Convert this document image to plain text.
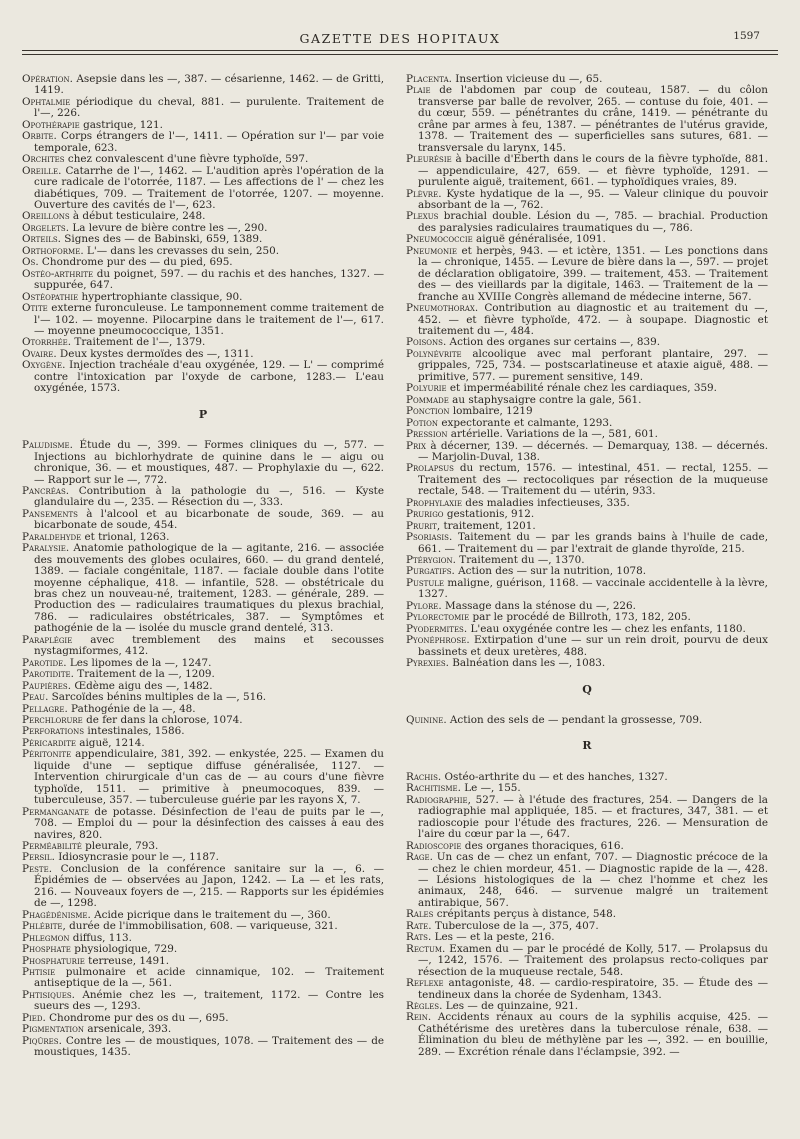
GAZETTE DES HOPITAUX	1597
Opération. Asepsie dans les —, 387. — césarienne, 1462. — de Gritti, 1419.
Ophtalmie périodique du cheval, 881. — purulente. Traitement de l'—, 226.
Opothérapie gastrique, 121.
Orbite. Corps étrangers de l'—, 1411. — Opération sur l'— par voie temporale, 623.
Orchites chez convalescent d'une fièvre typhoïde, 597.
Oreille. Catarrhe de l'—, 1462. — L'audition après l'opération de la cure radicale de l'otorrée, 1187. — Les affections de l' — chez les diabétiques, 709. — Traitement de l'otorrée, 1207. — moyenne. Ouverture des cavités de l'—, 623.
Oreillons à début testiculaire, 248.
Orgelets. La levure de bière contre les —, 290.
Orteils. Signes des — de Babinski, 659, 1389.
Orthoforme. L'— dans les crevasses du sein, 250.
Os. Chondrome pur des — du pied, 695.
Ostéo-arthrite du poignet, 597. — du rachis et des hanches, 1327. — suppurée, 647.
Ostéopathie hypertrophiante classique, 90.
Otite externe furonculeuse. Le tamponnement comme traitement de l'— 102. — moyenne. Pilocarpine dans le traitement de l'—, 617. — moyenne pneumococcique, 1351.
Otorrhée. Traitement de l'—, 1379.
Ovaire. Deux kystes dermoïdes des —, 1311.
Oxygène. Injection trachéale d'eau oxygénée, 129. — L' — comprimé contre l'intoxication par l'oxyde de carbone, 1283.— L'eau oxygénée, 1573.
P
Paludisme. Étude du —, 399. — Formes cliniques du —, 577. — Injections au bichlorhydrate de quinine dans le — aigu ou chronique, 36. — et moustiques, 487. — Prophylaxie du —, 622. — Rapport sur le —, 772.
Pancréas. Contribution à la pathologie du —, 516. — Kyste glandulaire du —, 235. — Résection du —, 333.
Pansements à l'alcool et au bicarbonate de soude, 369. — au bicarbonate de soude, 454.
Paraldehyde et trional, 1263.
Paralysie. Anatomie pathologique de la — agitante, 216. — associée des mouvements des globes oculaires, 660. — du grand dentelé, 1389. — faciale congénitale, 1187. — faciale double dans l'otite moyenne céphalique, 418. — infantile, 528. — obstétricale du bras chez un nouveau-né, traitement, 1283. — générale, 289. — Production des — radiculaires traumatiques du plexus brachial, 786. — radiculaires obstétricales, 387. — Symptômes et pathogénie de la — isolée du muscle grand dentelé, 313.
Paraplégie avec tremblement des mains et secousses nystagmiformes, 412.
Parotide. Les lipomes de la —, 1247.
Parotidite. Traitement de la —, 1209.
Paupières. Œdème aigu des —, 1482.
Peau. Sarcoïdes bénins multiples de la —, 516.
Pellagre. Pathogénie de la —, 48.
Perchlorure de fer dans la chlorose, 1074.
Perforations intestinales, 1586.
Péricardite aiguë, 1214.
Péritonite appendiculaire, 381, 392. — enkystée, 225. — Examen du liquide d'une — septique diffuse généralisée, 1127. — Intervention chirurgicale d'un cas de — au cours d'une fièvre typhoïde, 1511. — primitive à pneumocoques, 839. — tuberculeuse, 357. — tuberculeuse guérie par les rayons X, 7.
Permanganate de potasse. Désinfection de l'eau de puits par le —, 708. — Emploi du — pour la désinfection des caisses à eau des navires, 820.
Perméabilité pleurale, 793.
Persil. Idiosyncrasie pour le —, 1187.
Peste. Conclusion de la conférence sanitaire sur la —, 6. — Épidémies de — observées au Japon, 1242. — La — et les rats, 216. — Nouveaux foyers de —, 215. — Rapports sur les épidémies de —, 1298.
Phagédénisme. Acide picrique dans le traitement du —, 360.
Phlébite, durée de l'immobilisation, 608. — variqueuse, 321.
Phlegmon diffus, 113.
Phosphate physiologique, 729.
Phosphaturie terreuse, 1491.
Phtisie pulmonaire et acide cinnamique, 102. — Traitement antiseptique de la —, 561.
Phtisiques. Anémie chez les —, traitement, 1172. — Contre les sueurs des —, 1293.
Pied. Chondrome pur des os du —, 695.
Pigmentation arsenicale, 393.
Piqûres. Contre les — de moustiques, 1078. — Traitement des — de moustiques, 1435.
Placenta. Insertion vicieuse du —, 65.
Plaie de l'abdomen par coup de couteau, 1587. — du côlon transverse par balle de revolver, 265. — contuse du foie, 401. — du cœur, 559. — pénétrantes du crâne, 1419. — pénétrante du crâne par armes à feu, 1387. — pénétrantes de l'utérus gravide, 1378. — Traitement des — superficielles sans sutures, 681. — transversale du larynx, 145.
Pleurésie à bacille d'Eberth dans le cours de la fièvre typhoïde, 881. — appendiculaire, 427, 659. — et fièvre typhoïde, 1291. — purulente aiguë, traitement, 661. — typhoïdiques vraies, 89.
Plèvre. Kyste hydatique de la —, 95. — Valeur clinique du pouvoir absorbant de la —, 762.
Plexus brachial double. Lésion du —, 785. — brachial. Production des paralysies radiculaires traumatiques du —, 786.
Pneumococcie aiguë généralisée, 1091.
Pneumonie et herpès, 943. — et ictère, 1351. — Les ponctions dans la — chronique, 1455. — Levure de bière dans la —, 597. — projet de déclaration obligatoire, 399. — traitement, 453. — Traitement des — des vieillards par la digitale, 1463. — Traitement de la — franche au XVIIIe Congrès allemand de médecine interne, 567.
Pneumothorax. Contribution au diagnostic et au traitement du —, 452. — et fièvre typhoïde, 472. — à soupape. Diagnostic et traitement du —, 484.
Poisons. Action des organes sur certains —, 839.
Polynévrite alcoolique avec mal perforant plantaire, 297. — grippales, 725, 734. — postscarlatineuse et ataxie aiguë, 488. — primitive, 577. — purement sensitive, 149.
Polyurie et imperméabilité rénale chez les cardiaques, 359.
Pommade au staphysaigre contre la gale, 561.
Ponction lombaire, 1219
Potion expectorante et calmante, 1293.
Pression artérielle. Variations de la —, 581, 601.
Prix à décerner, 139. — décernés. — Demarquay, 138. — décernés. — Marjolin-Duval, 138.
Prolapsus du rectum, 1576. — intestinal, 451. — rectal, 1255. — Traitement des — rectocoliques par résection de la muqueuse rectale, 548. — Traitement du — utérin, 933.
Prophylaxie des maladies infectieuses, 335.
Prurigo gestationis, 912.
Prurit, traitement, 1201.
Psoriasis. Taitement du — par les grands bains à l'huile de cade, 661. — Traitement du — par l'extrait de glande thyroïde, 215.
Ptérygion. Traitement du —, 1370.
Purgatifs. Action des — sur la nutrition, 1078.
Pustule maligne, guérison, 1168. — vaccinale accidentelle à la lèvre, 1327.
Pylore. Massage dans la sténose du —, 226.
Pylorectomie par le procédé de Billroth, 173, 182, 205.
Pyodermites. L'eau oxygénée contre les — chez les enfants, 1180.
Pyonéphrose. Extirpation d'une — sur un rein droit, pourvu de deux bassinets et deux uretères, 488.
Pyrexies. Balnéation dans les —, 1083.
Q
Quinine. Action des sels de — pendant la grossesse, 709.
R
Rachis. Ostéo-arthrite du — et des hanches, 1327.
Rachitisme. Le —, 155.
Radiographie, 527. — à l'étude des fractures, 254. — Dangers de la radiographie mal appliquée, 185. — et fractures, 347, 381. — et radioscopie pour l'étude des fractures, 226. — Mensuration de l'aire du cœur par la —, 647.
Radioscopie des organes thoraciques, 616.
Rage. Un cas de — chez un enfant, 707. — Diagnostic précoce de la — chez le chien mordeur, 451. — Diagnostic rapide de la —, 428. — Lésions histologiques de la — chez l'homme et chez les animaux, 248, 646. — survenue malgré un traitement antirabique, 567.
Rales crépitants perçus à distance, 548.
Rate. Tuberculose de la —, 375, 407.
Rats. Les — et la peste, 216.
Rectum. Examen du — par le procédé de Kolly, 517. — Prolapsus du —, 1242, 1576. — Traitement des prolapsus recto-coliques par résection de la muqueuse rectale, 548.
Reflexe antagoniste, 48. — cardio-respiratoire, 35. — Étude des — tendineux dans la chorée de Sydenham, 1343.
Règles. Les — de quinzaine, 921.
Rein. Accidents rénaux au cours de la syphilis acquise, 425. — Cathétérisme des uretères dans la tuberculose rénale, 638. — Élimination du bleu de méthylène par les —, 392. — en bouillie, 289. — Excrétion rénale dans l'éclampsie, 392. —
